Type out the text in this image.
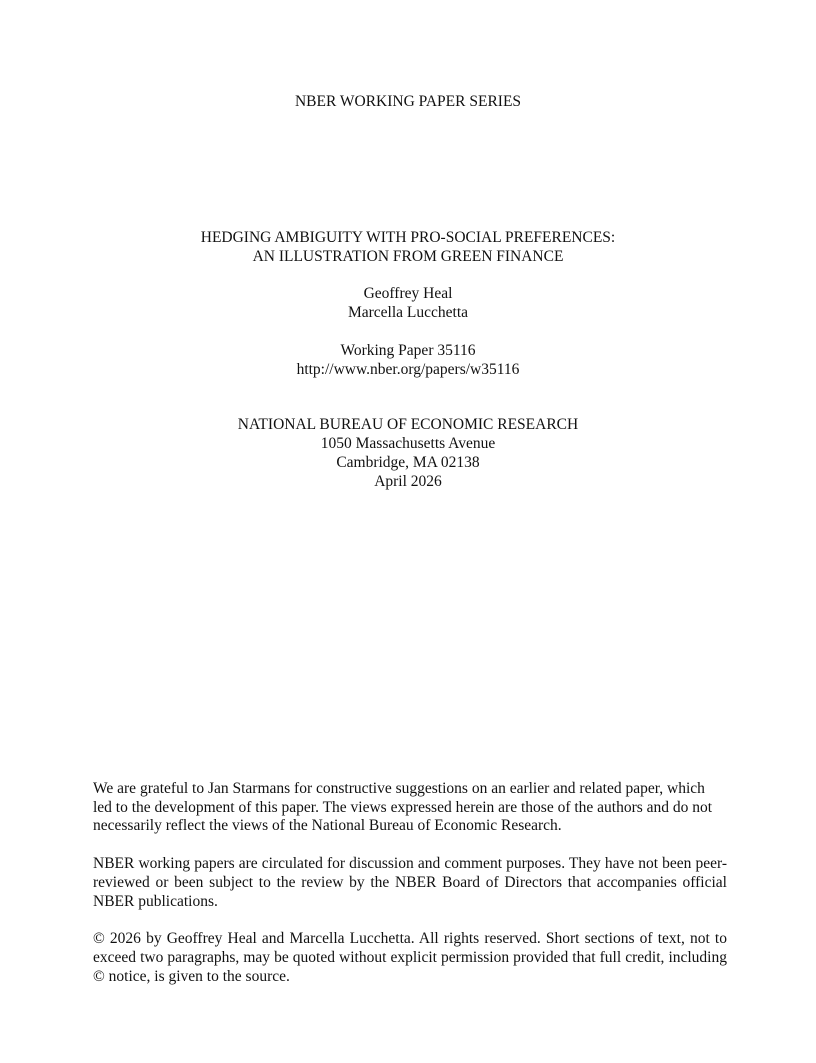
NBER WORKING PAPER SERIES
HEDGING AMBIGUITY WITH PRO-SOCIAL PREFERENCES:
AN ILLUSTRATION FROM GREEN FINANCE
Geoffrey Heal
Marcella Lucchetta
Working Paper 35116
http://www.nber.org/papers/w35116
NATIONAL BUREAU OF ECONOMIC RESEARCH
1050 Massachusetts Avenue
Cambridge, MA 02138
April 2026

We are grateful to Jan Starmans for constructive suggestions on an earlier and related paper, which led to the development of this paper. The views expressed herein are those of the authors and do not necessarily reflect the views of the National Bureau of Economic Research.

NBER working papers are circulated for discussion and comment purposes. They have not been peer-reviewed or been subject to the review by the NBER Board of Directors that accompanies official NBER publications.

© 2026 by Geoffrey Heal and Marcella Lucchetta. All rights reserved. Short sections of text, not to exceed two paragraphs, may be quoted without explicit permission provided that full credit, including © notice, is given to the source.
